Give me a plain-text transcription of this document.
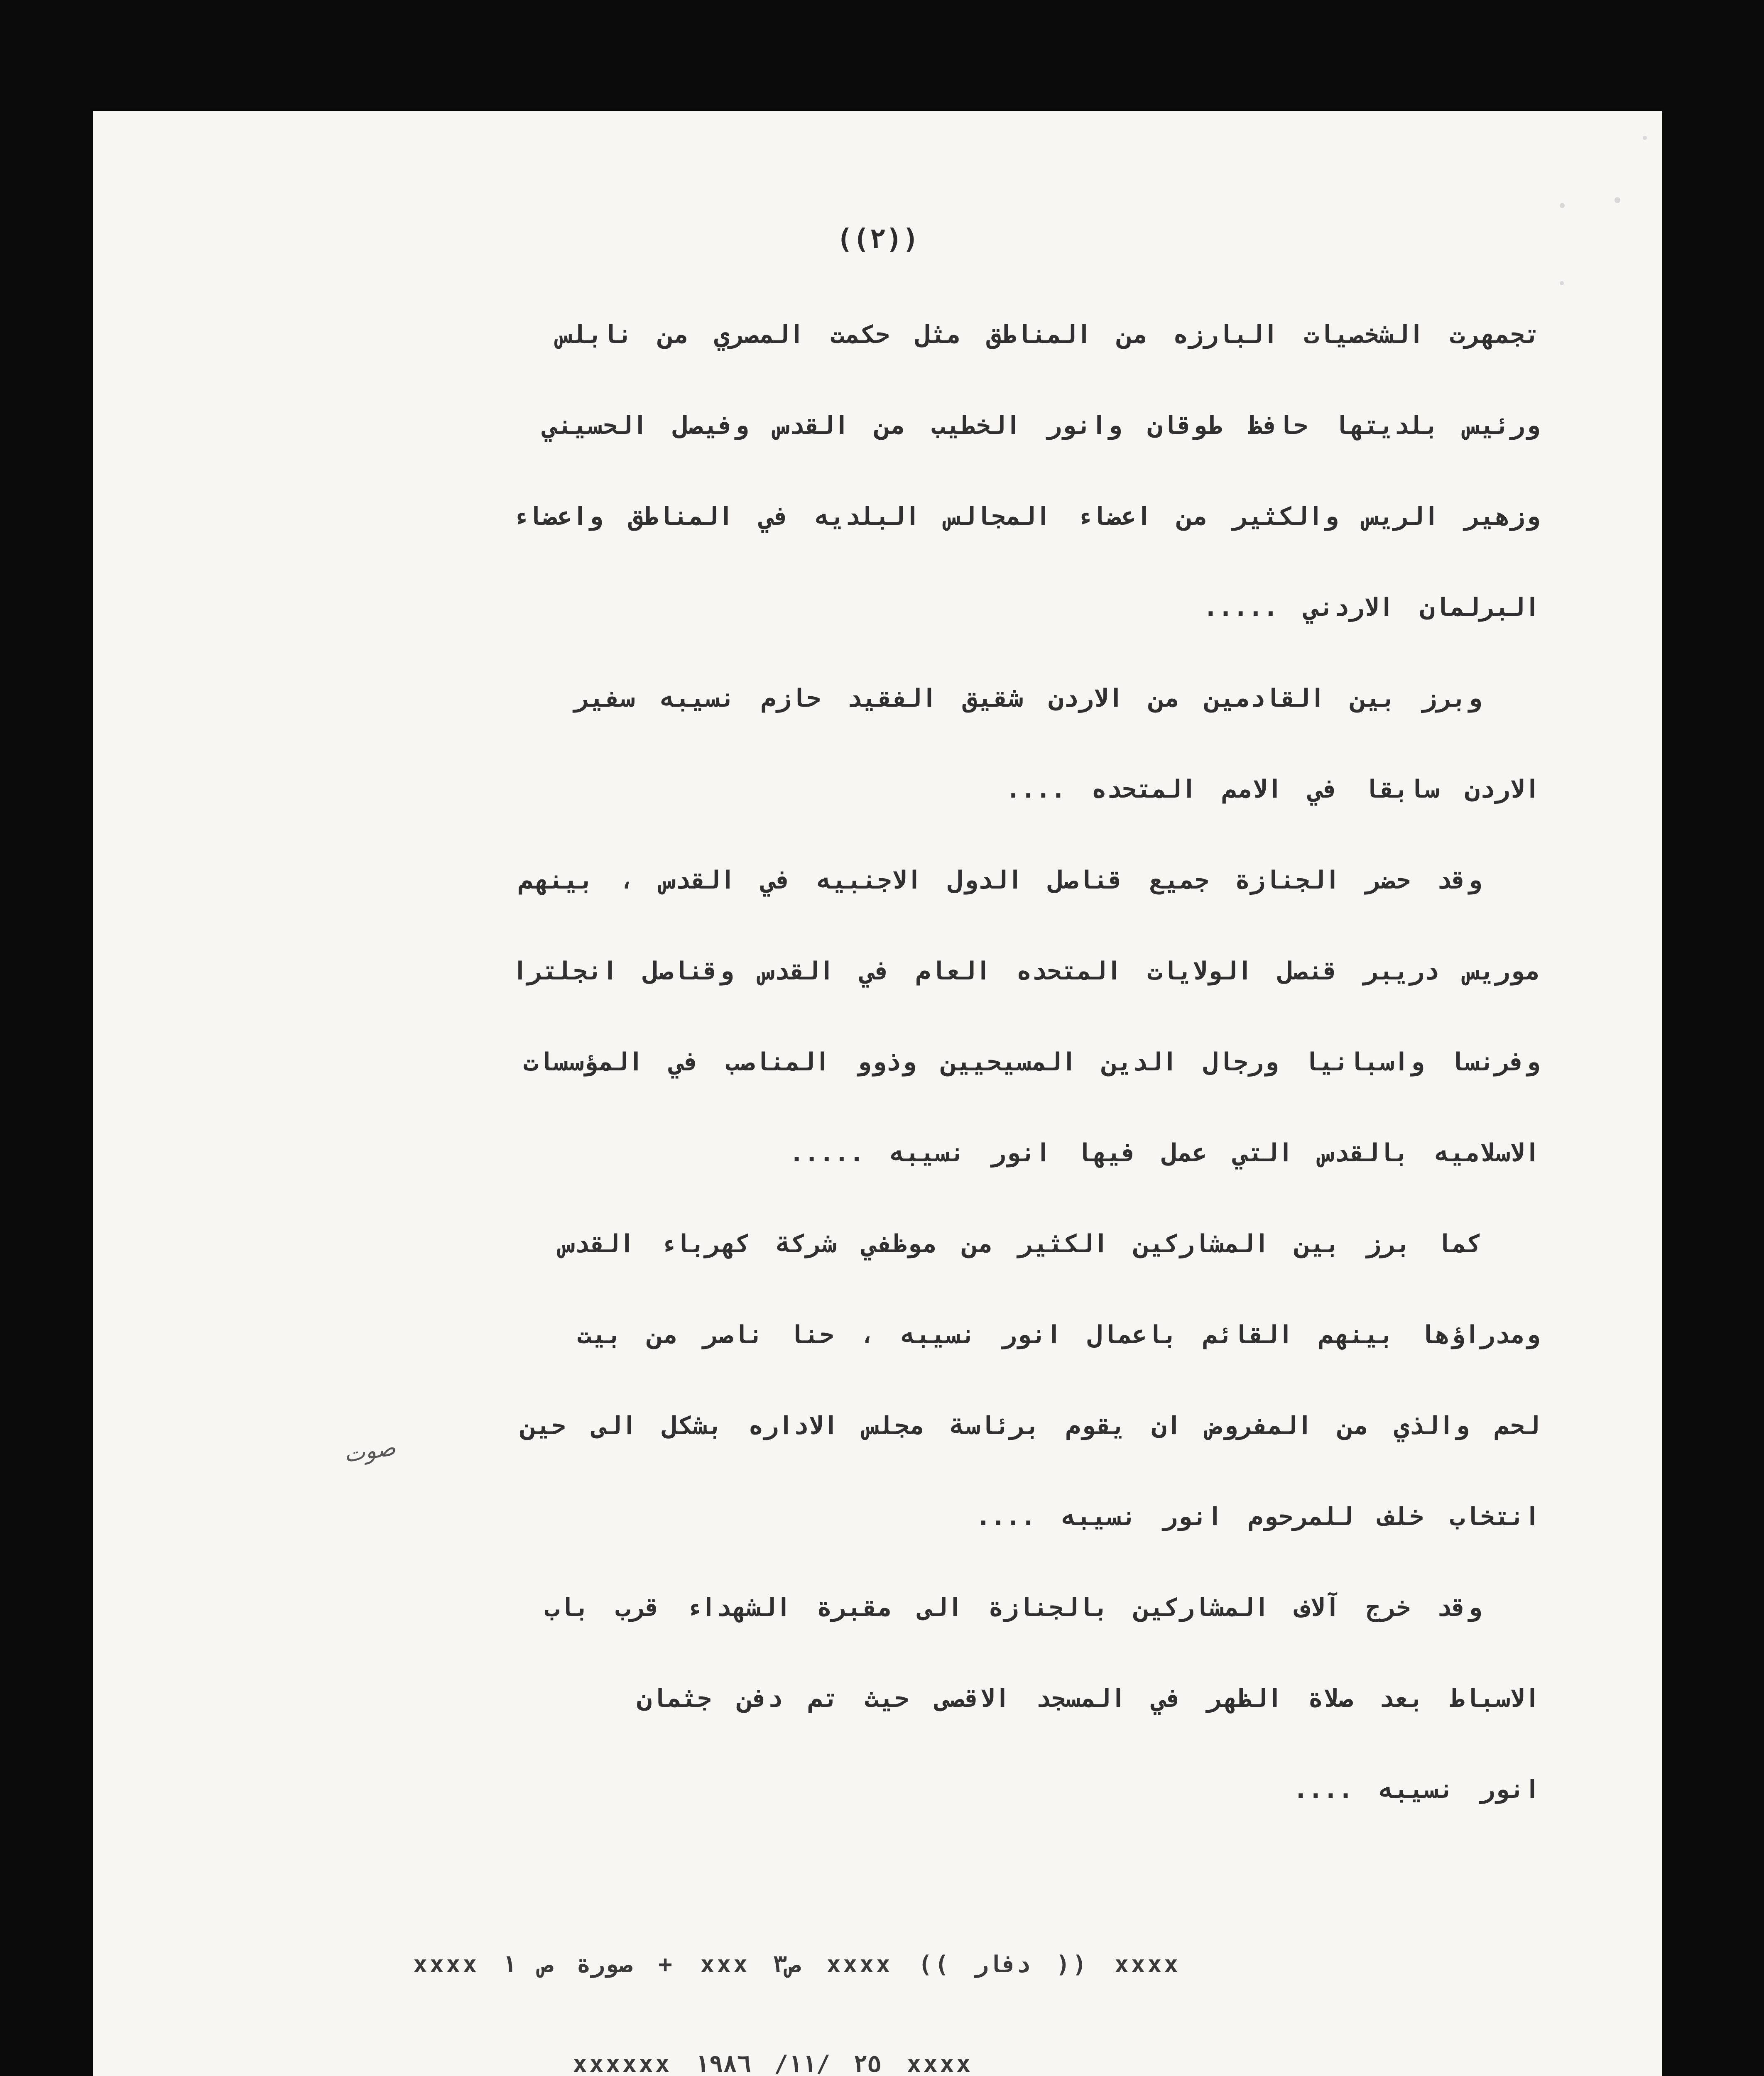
((٢))
تجمهرت الشخصيات البارزه من المناطق مثل حكمت المصري من نابلس
ورئيس بلديتها حافظ طوقان وانور الخطيب من القدس وفيصل الحسيني
وزهير الريس والكثير من اعضاء المجالس البلديه في المناطق واعضاء
البرلمان الاردني .....
وبرز بين القادمين من الاردن شقيق الفقيد حازم نسيبه سفير
الاردن سابقا في الامم المتحده ....
وقد حضر الجنازة جميع قناصل الدول الاجنبيه في القدس ، بينهم
موريس دريبر قنصل الولايات المتحده العام في القدس وقناصل انجلترا
وفرنسا واسبانيا ورجال الدين المسيحيين وذوو المناصب في المؤسسات
الاسلاميه بالقدس التي عمل فيها انور نسيبه .....
كما برز بين المشاركين الكثير من موظفي شركة كهرباء القدس
ومدراؤها بينهم القائم باعمال انور نسيبه ، حنا ناصر من بيت
لحم والذي من المفروض ان يقوم برئاسة مجلس الاداره بشكل الى حين
انتخاب خلف للمرحوم انور نسيبه ....
وقد خرج آلاف المشاركين بالجنازة الى مقبرة الشهداء قرب باب
الاسباط بعد صلاة الظهر في المسجد الاقصى حيث تم دفن جثمان
انور نسيبه ....
صوت
xxxx (( دفار )) xxxx ص٣ xxx + صورة ص ١ xxxx
xxxx ٢٥ /١١/ ١٩٨٦ xxxxxx
